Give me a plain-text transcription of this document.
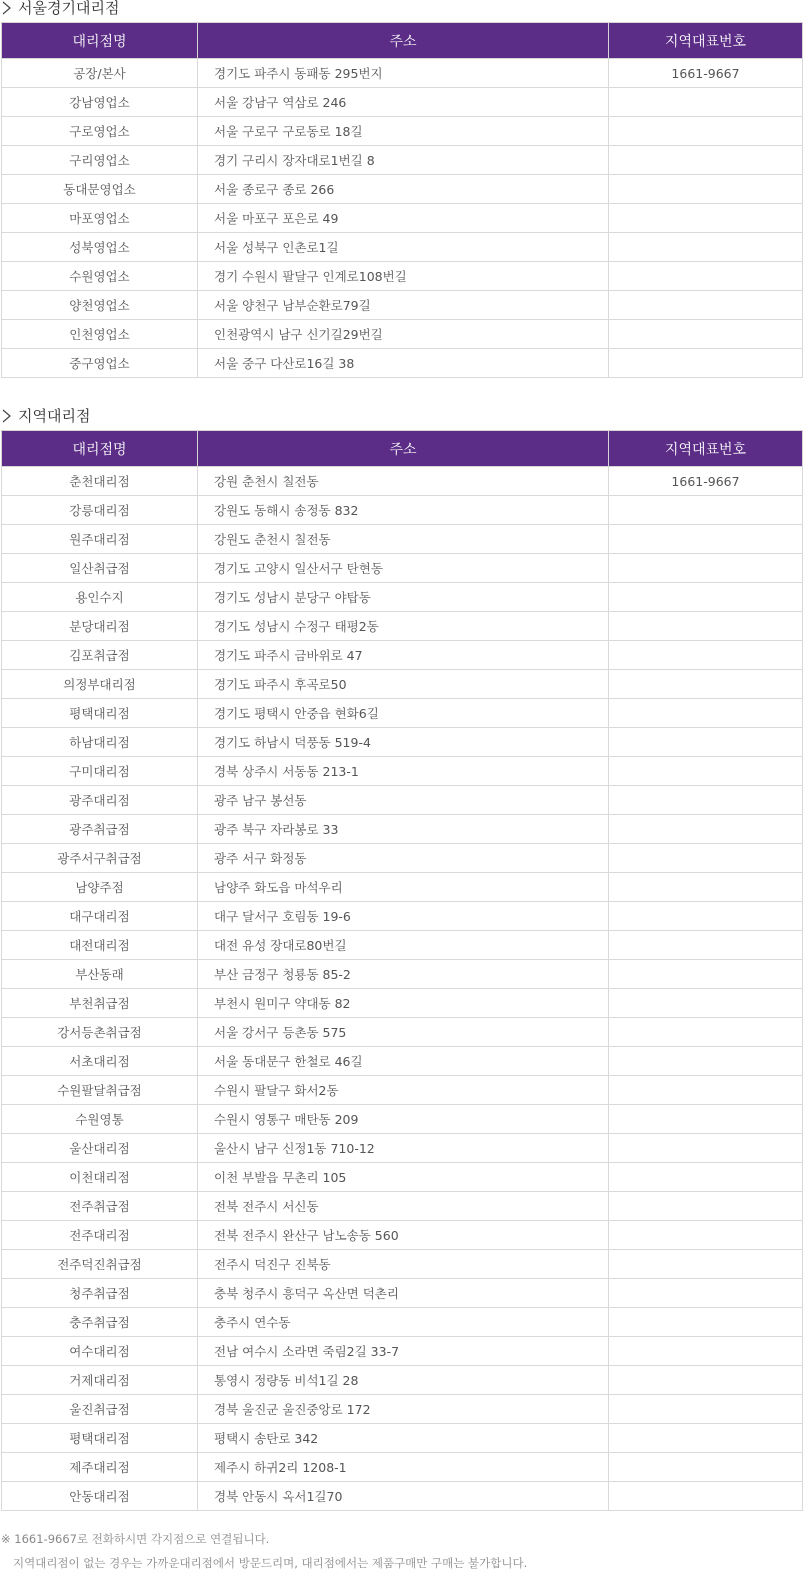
서울경기대리점
대리점명	주소	지역대표번호
공장/본사	경기도 파주시 동패동 295번지	1661-9667
강남영업소	서울 강남구 역삼로 246	
구로영업소	서울 구로구 구로동로 18길	
구리영업소	경기 구리시 장자대로1번길 8	
동대문영업소	서울 종로구 종로 266	
마포영업소	서울 마포구 포은로 49	
성북영업소	서울 성북구 인촌로1길	
수원영업소	경기 수원시 팔달구 인계로108번길	
양천영업소	서울 양천구 남부순환로79길	
인천영업소	인천광역시 남구 신기길29번길	
중구영업소	서울 중구 다산로16길 38	
지역대리점
대리점명	주소	지역대표번호
춘천대리점	강원 춘천시 칠전동	1661-9667
강릉대리점	강원도 동해시 송정동 832	
원주대리점	강원도 춘천시 칠전동	
일산취급점	경기도 고양시 일산서구 탄현동	
용인수지	경기도 성남시 분당구 야탑동	
분당대리점	경기도 성남시 수정구 태평2동	
김포취급점	경기도 파주시 금바위로 47	
의정부대리점	경기도 파주시 후곡로50	
평택대리점	경기도 평택시 안중읍 현화6길	
하남대리점	경기도 하남시 덕풍동 519-4	
구미대리점	경북 상주시 서동동 213-1	
광주대리점	광주 남구 봉선동	
광주취급점	광주 북구 자라봉로 33	
광주서구취급점	광주 서구 화정동	
남양주점	남양주 화도읍 마석우리	
대구대리점	대구 달서구 호림동 19-6	
대전대리점	대전 유성 장대로80번길	
부산동래	부산 금정구 청룡동 85-2	
부천취급점	부천시 원미구 약대동 82	
강서등촌취급점	서울 강서구 등촌동 575	
서초대리점	서울 동대문구 한철로 46길	
수원팔달취급점	수원시 팔달구 화서2동	
수원영통	수원시 영통구 매탄동 209	
울산대리점	울산시 남구 신정1동 710-12	
이천대리점	이천 부발읍 무촌리 105	
전주취급점	전북 전주시 서신동	
전주대리점	전북 전주시 완산구 남노송동 560	
전주덕진취급점	전주시 덕진구 진북동	
청주취급점	충북 청주시 흥덕구 옥산면 덕촌리	
충주취급점	충주시 연수동	
여수대리점	전남 여수시 소라면 죽림2길 33-7	
거제대리점	통영시 정량동 비석1길 28	
울진취급점	경북 울진군 울진중앙로 172	
평택대리점	평택시 송탄로 342	
제주대리점	제주시 하귀2리 1208-1	
안동대리점	경북 안동시 옥서1길70	
※ 1661-9667로 전화하시면 각지점으로 연결됩니다.
지역대리점이 없는 경우는 가까운대리점에서 방문드리며, 대리점에서는 제품구매만 구매는 불가합니다.
